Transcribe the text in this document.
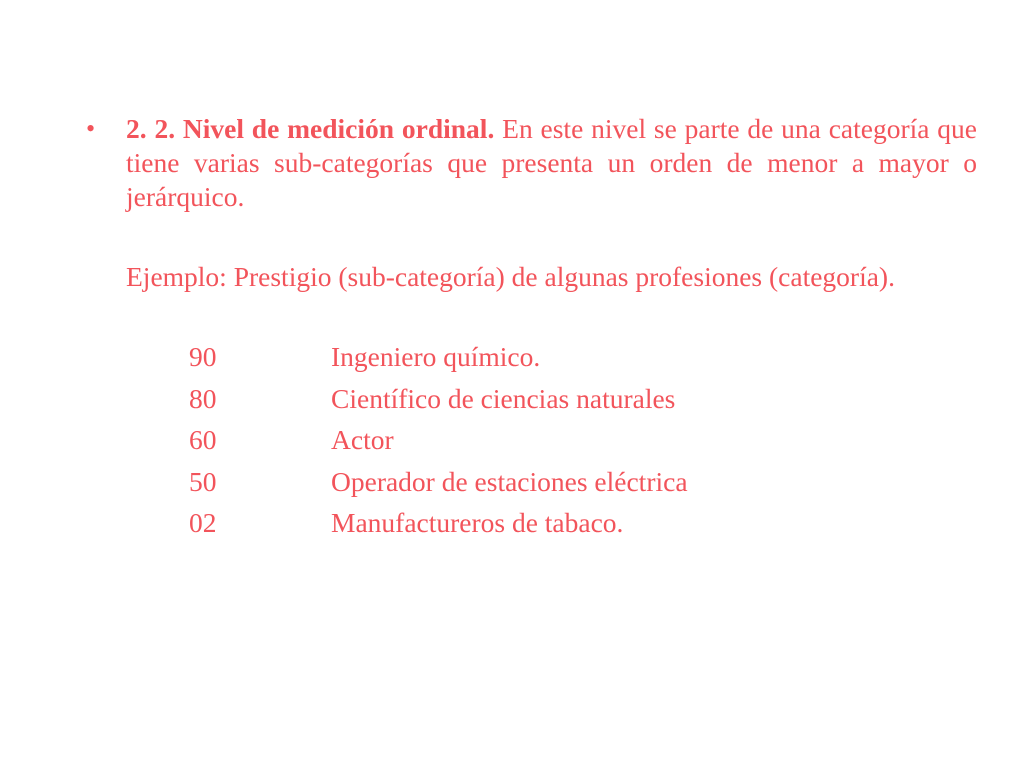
• 2. 2. Nivel de medición ordinal. En este nivel se parte de una categoría que tiene varias sub-categorías que presenta un orden de menor a mayor o jerárquico.

Ejemplo: Prestigio (sub-categoría) de algunas profesiones (categoría).

90	Ingeniero químico.
80	Científico de ciencias naturales
60	Actor
50	Operador de estaciones eléctrica
02	Manufactureros de tabaco.
